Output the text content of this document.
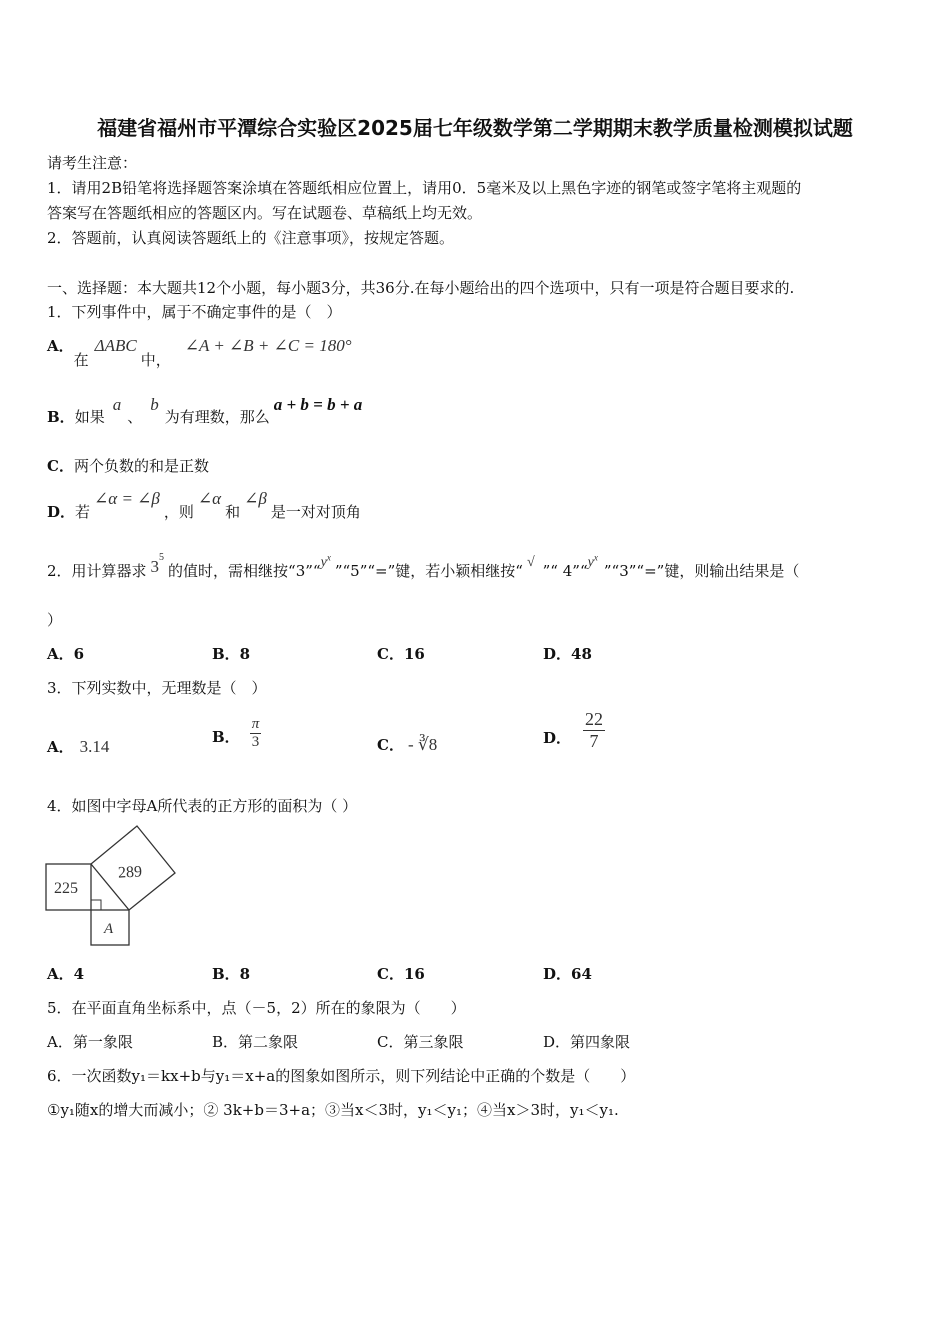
福建省福州市平潭综合实验区2025届七年级数学第二学期期末教学质量检测模拟试题
请考生注意：
1．请用2B铅笔将选择题答案涂填在答题纸相应位置上，请用0．5毫米及以上黑色字迹的钢笔或签字笔将主观题的
答案写在答题纸相应的答题区内。写在试题卷、草稿纸上均无效。
2．答题前，认真阅读答题纸上的《注意事项》，按规定答题。
一、选择题：本大题共12个小题，每小题3分，共36分.在每小题给出的四个选项中，只有一项是符合题目要求的.
1．下列事件中，属于不确定事件的是（　）
A．在ΔABC中，∠A + ∠B + ∠C = 180°
B．如果a、b为有理数，那么a + b = b + a
C．两个负数的和是正数
D．若∠α = ∠β，则∠α和∠β是一对对顶角
2．用计算器求 $3^5$的值时，需相继按“$3”“y^x”“5”“=$”键，若小颖相继按“ √ ”“ $4”“y^x”“3”“=$”键，则输出结果是（
）
A．6	B．8	C．16	D．48
3．下列实数中，无理数是（　）
A． 3.14
B． $\frac{\pi}{3}$	C． - ∛8	D． $\frac{22}{7}$
4．如图中字母A所代表的正方形的面积为（ ）
225
289
A
A．4	B．8	C．16	D．64
5．在平面直角坐标系中，点（－5，2）所在的象限为（　　）
A．第一象限	B．第二象限	C．第三象限	D．第四象限
6．一次函数y₁＝kx+b与y₁＝x+a的图象如图所示，则下列结论中正确的个数是（　　）
①y₁随x的增大而减小；② 3k+b＝3+a；③当x＜3时，y₁＜y₁；④当x＞3时，y₁＜y₁.
